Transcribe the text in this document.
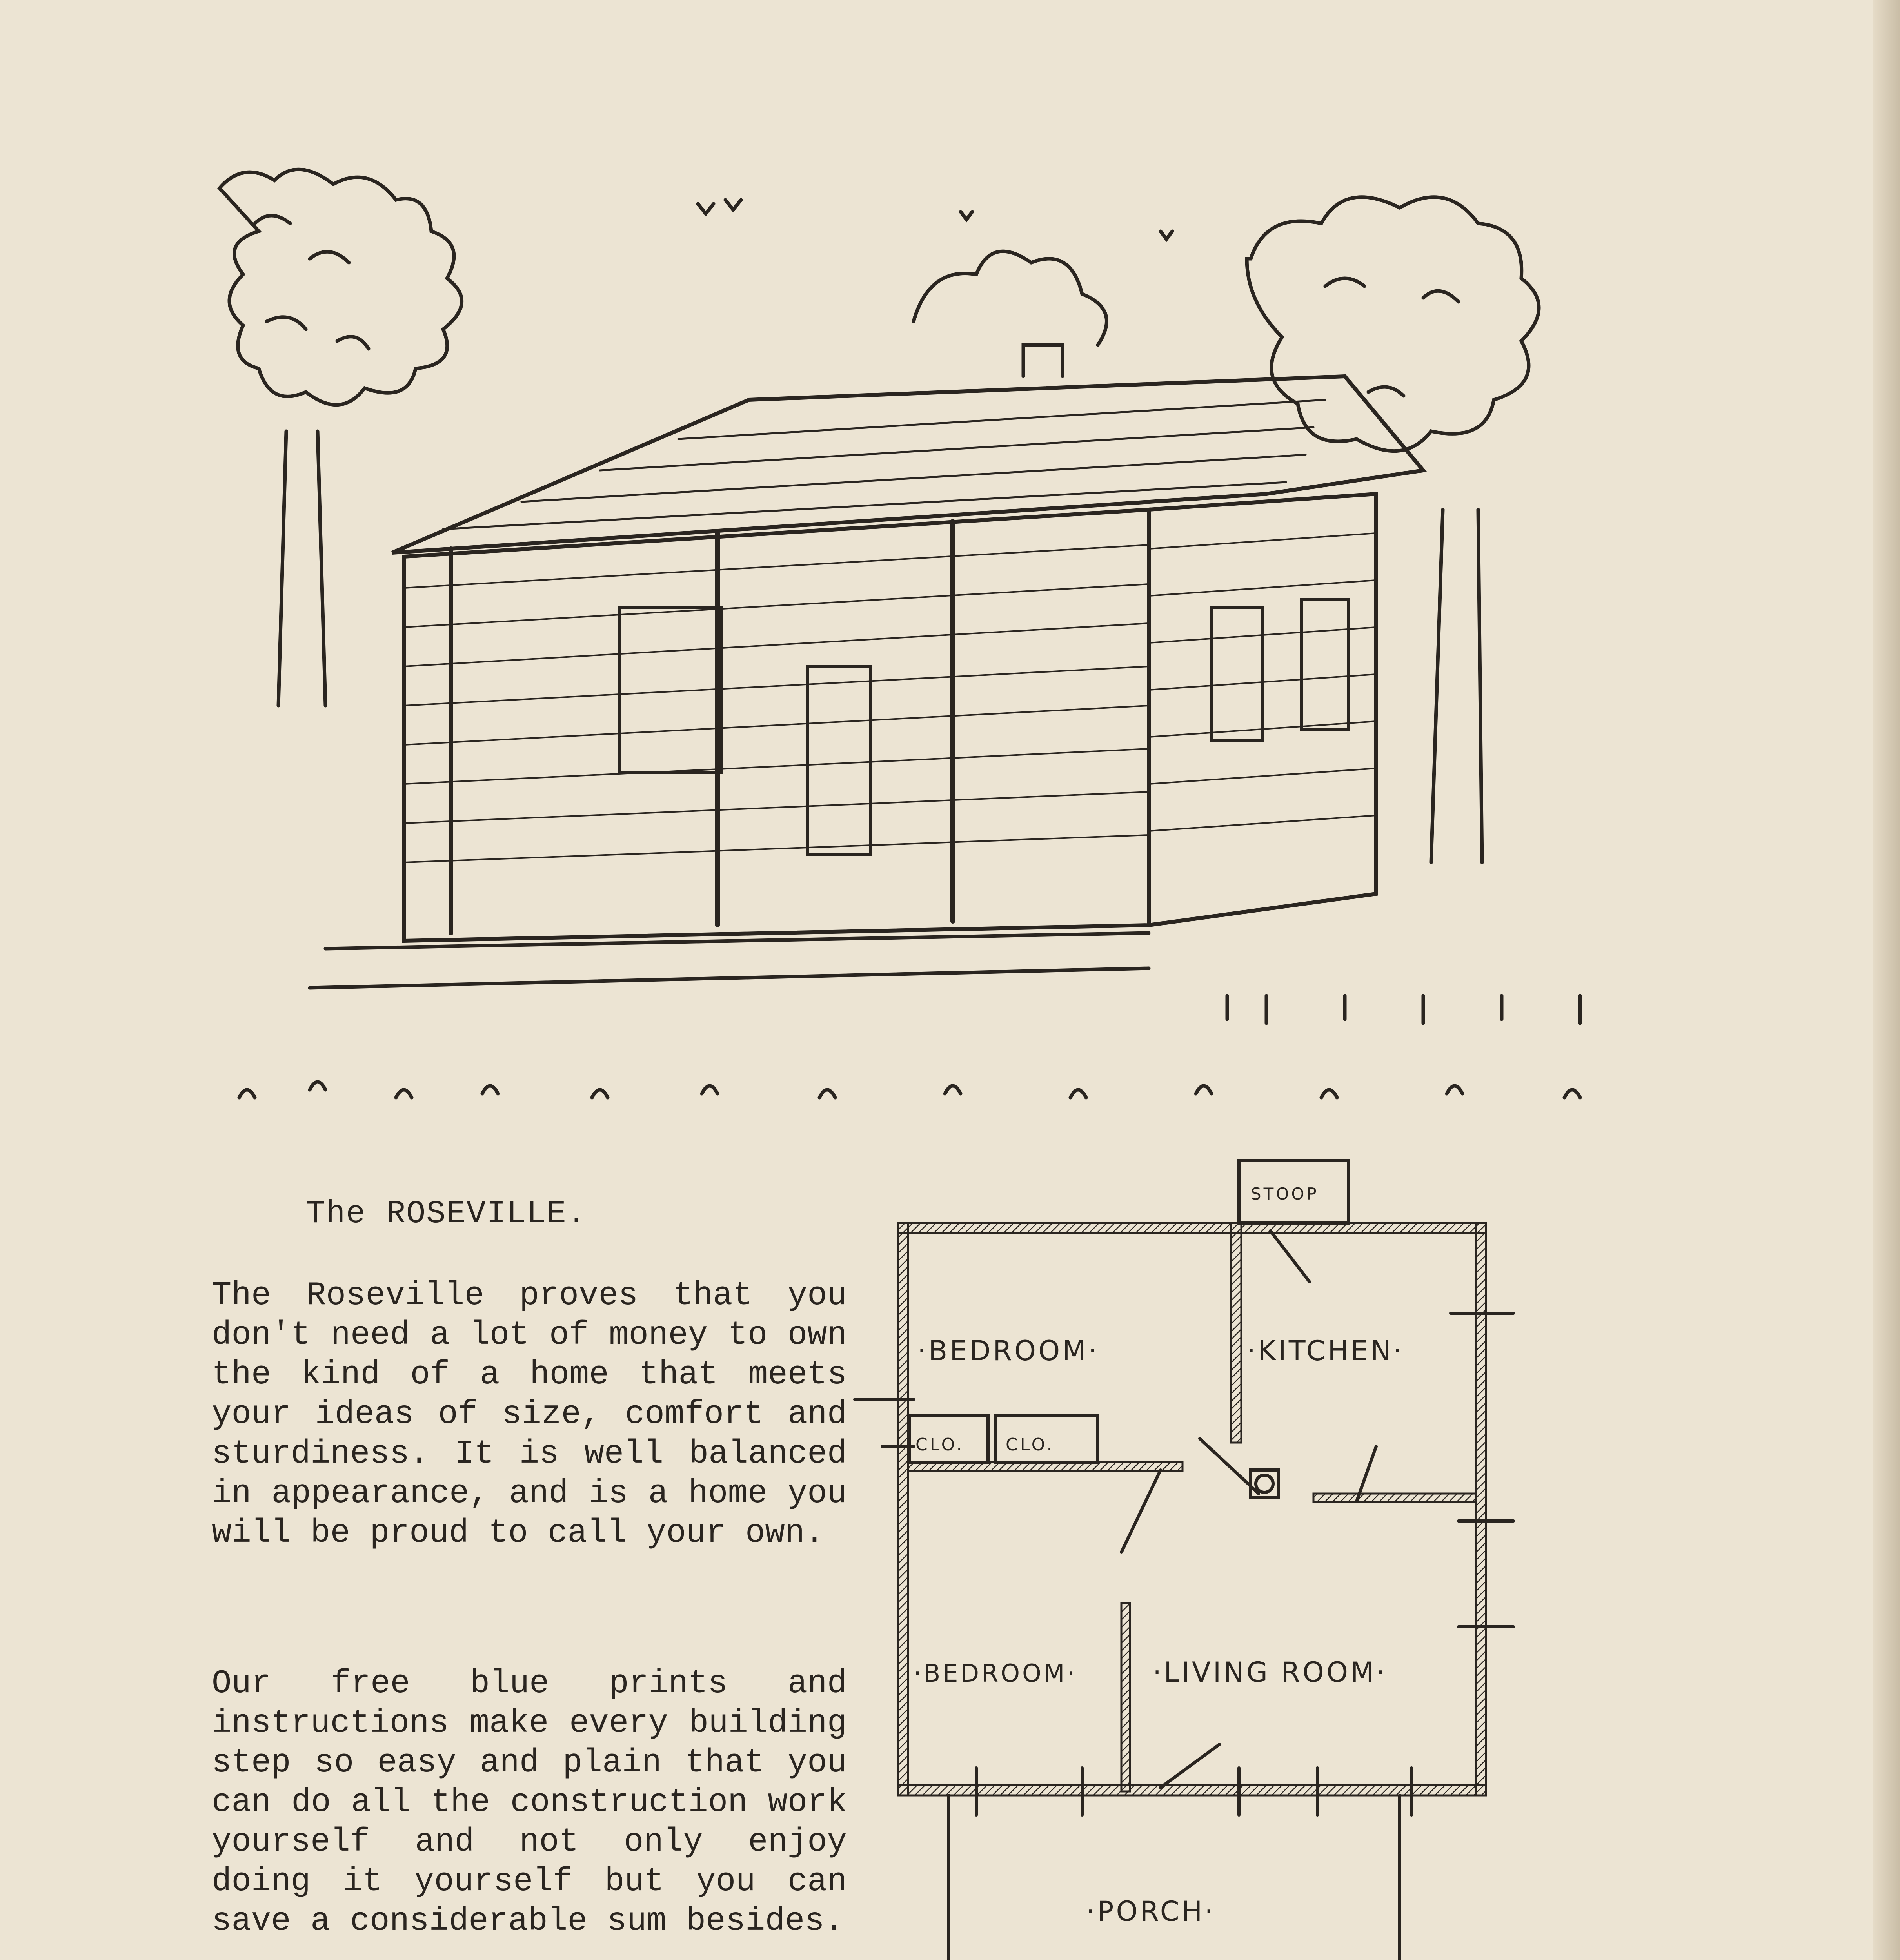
The ROSEVILLE.
The Roseville proves that you don't need a lot of money to own the kind of a home that meets your ideas of size, comfort and sturdiness. It is well balanced in appearance, and is a home you will be proud to call your own.
Our free blue prints and instructions make every building step so easy and plain that you can do all the construction work yourself and not only enjoy doing it yourself but you can save a considerable sum besides.
STOOP
·BEDROOM·	·KITCHEN·
CLO. CLO.
·BEDROOM·	·LIVING ROOM·
·PORCH·
